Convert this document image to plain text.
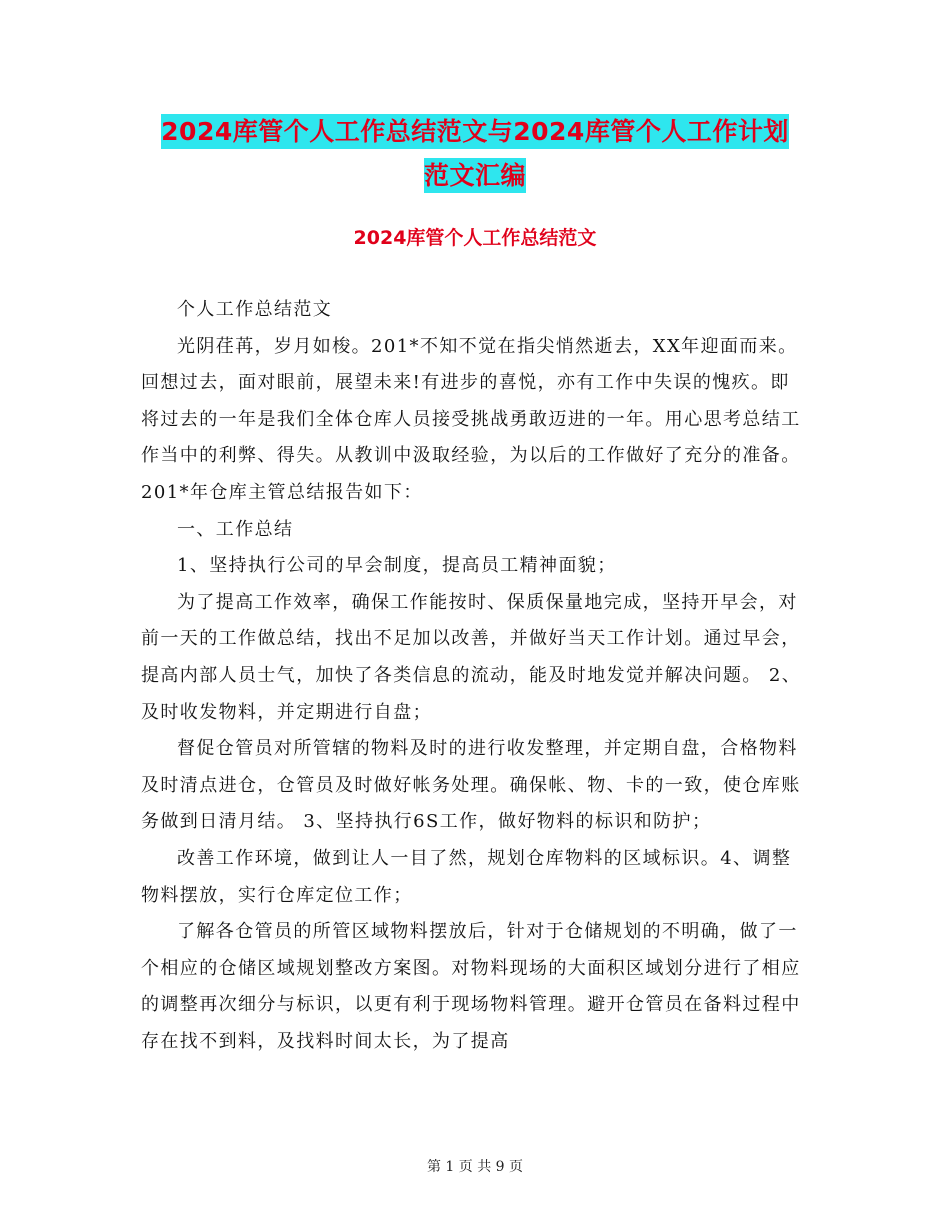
2024库管个人工作总结范文与2024库管个人工作计划
范文汇编
2024库管个人工作总结范文

个人工作总结范文

光阴荏苒，岁月如梭。201*不知不觉在指尖悄然逝去，XX年迎面而来。回想过去，面对眼前，展望未来!有进步的喜悦，亦有工作中失误的愧疚。即将过去的一年是我们全体仓库人员接受挑战勇敢迈进的一年。用心思考总结工作当中的利弊、得失。从教训中汲取经验，为以后的工作做好了充分的准备。201*年仓库主管总结报告如下：

一、工作总结

1、坚持执行公司的早会制度，提高员工精神面貌；

为了提高工作效率，确保工作能按时、保质保量地完成，坚持开早会，对前一天的工作做总结，找出不足加以改善，并做好当天工作计划。通过早会，提高内部人员士气，加快了各类信息的流动，能及时地发觉并解决问题。 2、及时收发物料，并定期进行自盘；

督促仓管员对所管辖的物料及时的进行收发整理，并定期自盘，合格物料及时清点进仓，仓管员及时做好帐务处理。确保帐、物、卡的一致，使仓库账务做到日清月结。 3、坚持执行6S工作，做好物料的标识和防护；

改善工作环境，做到让人一目了然，规划仓库物料的区域标识。4、调整物料摆放，实行仓库定位工作；

了解各仓管员的所管区域物料摆放后，针对于仓储规划的不明确，做了一个相应的仓储区域规划整改方案图。对物料现场的大面积区域划分进行了相应的调整再次细分与标识，以更有利于现场物料管理。避开仓管员在备料过程中存在找不到料，及找料时间太长，为了提高

第 1 页 共 9 页
